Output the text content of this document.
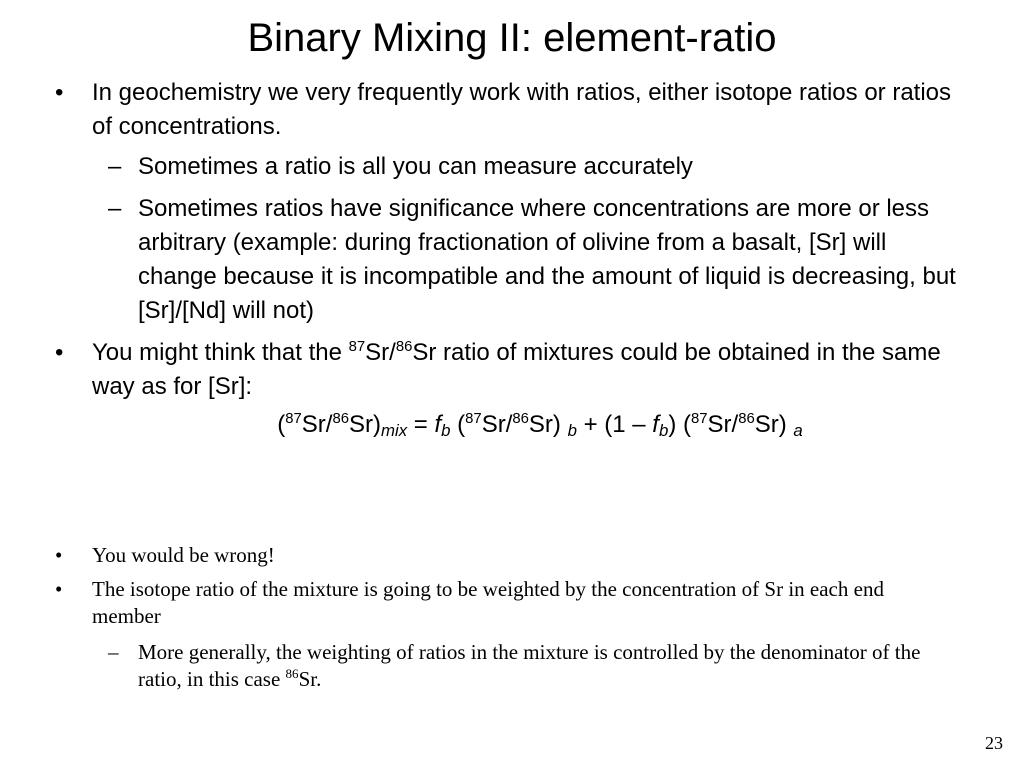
Binary Mixing II: element-ratio
• In geochemistry we very frequently work with ratios, either isotope ratios or ratios of concentrations.
– Sometimes a ratio is all you can measure accurately
– Sometimes ratios have significance where concentrations are more or less arbitrary (example: during fractionation of olivine from a basalt, [Sr] will change because it is incompatible and the amount of liquid is decreasing, but [Sr]/[Nd] will not)
• You might think that the $^{87}$Sr/$^{86}$Sr ratio of mixtures could be obtained in the same way as for [Sr]:
($^{87}$Sr/$^{86}$Sr)mix = fb ($^{87}$Sr/$^{86}$Sr) b + (1 – fb) ($^{87}$Sr/$^{86}$Sr) a
• You would be wrong!
• The isotope ratio of the mixture is going to be weighted by the concentration of Sr in each end member
– More generally, the weighting of ratios in the mixture is controlled by the denominator of the ratio, in this case $^{86}$Sr.
23
